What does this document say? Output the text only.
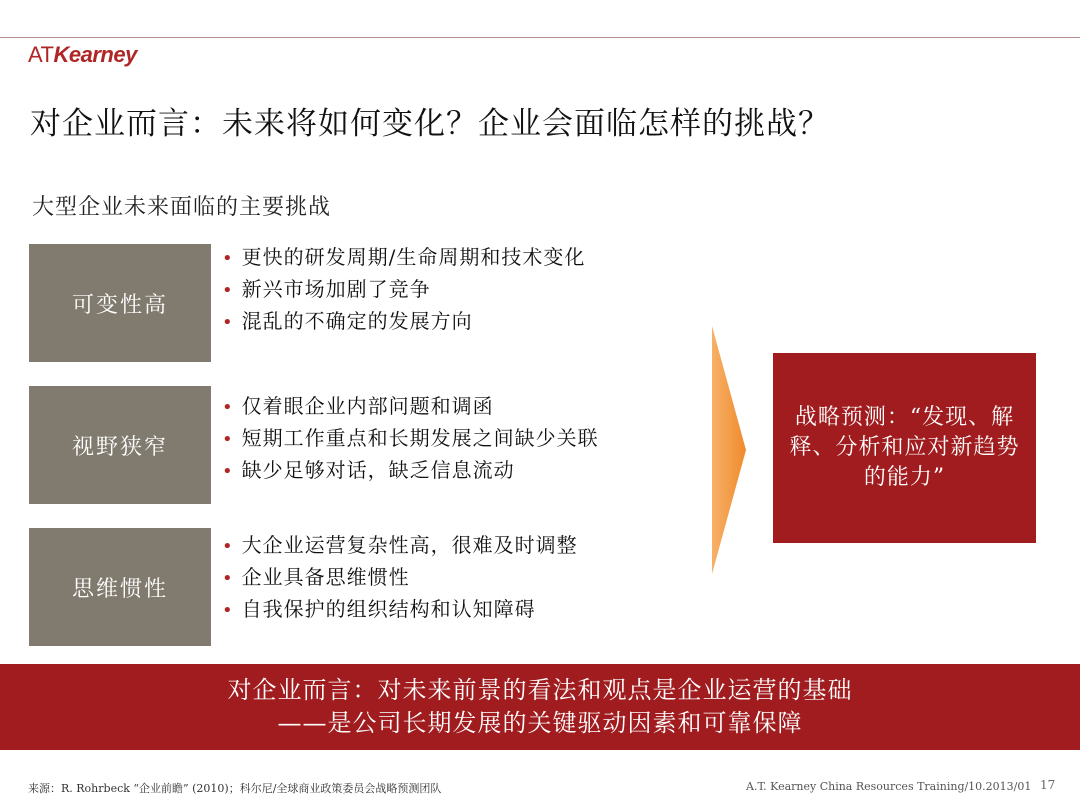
ATKearney
对企业而言：未来将如何变化？企业会面临怎样的挑战？
大型企业未来面临的主要挑战
可变性高
• 更快的研发周期/生命周期和技术变化
• 新兴市场加剧了竞争
• 混乱的不确定的发展方向
视野狭窄
• 仅着眼企业内部问题和调函
• 短期工作重点和长期发展之间缺少关联
• 缺少足够对话，缺乏信息流动
思维惯性
• 大企业运营复杂性高，很难及时调整
• 企业具备思维惯性
• 自我保护的组织结构和认知障碍
战略预测：“发现、解释、分析和应对新趋势的能力”
对企业而言：对未来前景的看法和观点是企业运营的基础
——是公司长期发展的关键驱动因素和可靠保障
来源：R. Rohrbeck “企业前瞻” (2010)；科尔尼/全球商业政策委员会战略预测团队	A.T. Kearney China Resources Training/10.2013/01 17
